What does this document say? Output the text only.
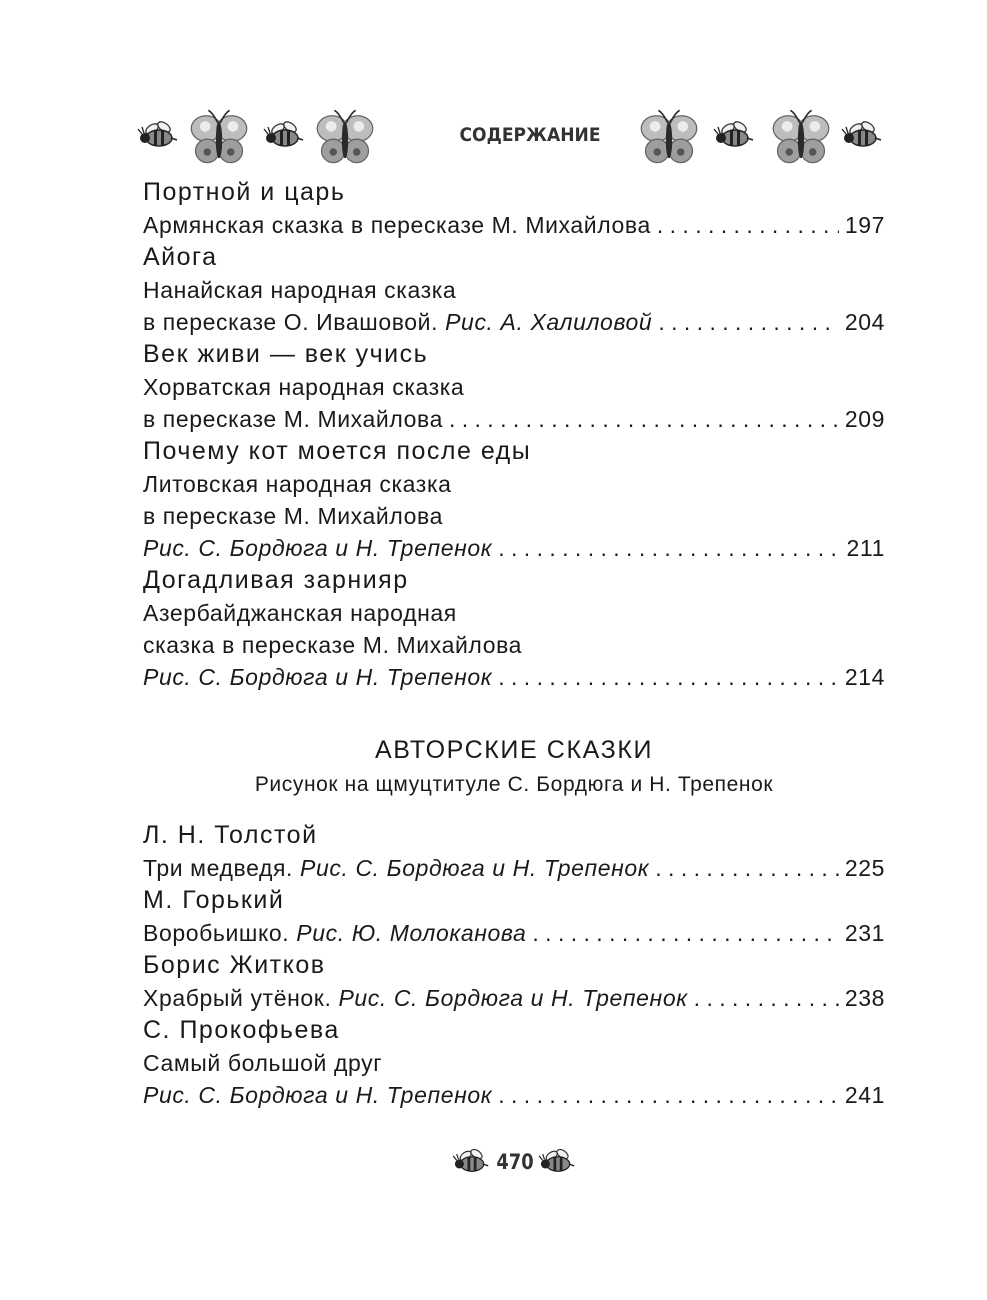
СОДЕРЖАНИЕ
Портной и царь
Армянская сказка в пересказе М. Михайлова . . .	197
Айога
Нанайская народная сказка
в пересказе О. Ивашовой.
Рис. А. Халиловой . . .	204
Век живи — век учись
Хорватская народная сказка
в пересказе М. Михайлова . . .	209
Почему кот моется после еды
Литовская народная сказка
в пересказе М. Михайлова
Рис. С. Бордюга и Н. Трепенок . . .	211
Догадливая зарнияр
Азербайджанская народная
сказка в пересказе М. Михайлова
Рис. С. Бордюга и Н. Трепенок . . .	214
АВТОРСКИЕ СКАЗКИ
Рисунок на щмуцтитуле С. Бордюга и Н. Трепенок
Л. Н. Толстой
Три медведя.
Рис. С. Бордюга и Н. Трепенок . . .	225
М. Горький
Воробьишко.
Рис. Ю. Молоканова . . .	231
Борис Житков
Храбрый утёнок.
Рис. С. Бордюга и Н. Трепенок . . .	238
С. Прокофьева
Самый большой друг
Рис. С. Бордюга и Н. Трепенок . . .	241
470
